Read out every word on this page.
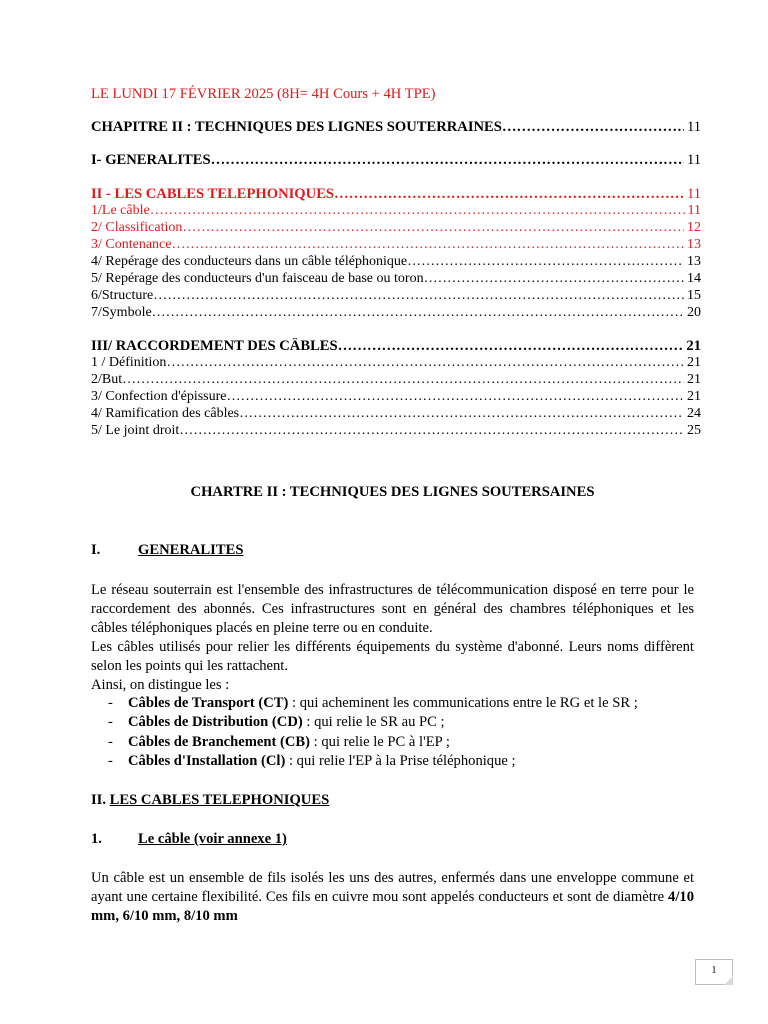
LE LUNDI 17 FÉVRIER 2025 (8H= 4H Cours + 4H TPE)
CHAPITRE II : TECHNIQUES DES LIGNES SOUTERRAINES ……………………………………………………………………………………………………………………………………………………………………………………	11
I- GENERALITES ……………………………………………………………………………………………………………………………………………………………………………………	11
II - LES CABLES TELEPHONIQUES ……………………………………………………………………………………………………………………………………………………………………………………	11
1/Le câble ……………………………………………………………………………………………………………………………………………………………………………………	11
2/ Classification ……………………………………………………………………………………………………………………………………………………………………………………	12
3/ Contenance ……………………………………………………………………………………………………………………………………………………………………………………	13
4/ Repérage des conducteurs dans un câble téléphonique ……………………………………………………………………………………………………………………………………………………………………………………	13
5/ Repérage des conducteurs d'un faisceau de base ou toron ……………………………………………………………………………………………………………………………………………………………………………………	14
6/Structure ……………………………………………………………………………………………………………………………………………………………………………………	15
7/Symbole ……………………………………………………………………………………………………………………………………………………………………………………	20
III/ RACCORDEMENT DES CÂBLES ……………………………………………………………………………………………………………………………………………………………………………………	21
1 / Définition ……………………………………………………………………………………………………………………………………………………………………………………	21
2/But ……………………………………………………………………………………………………………………………………………………………………………………	21
3/ Confection d'épissure ……………………………………………………………………………………………………………………………………………………………………………………	21
4/ Ramification des câbles ……………………………………………………………………………………………………………………………………………………………………………………	24
5/ Le joint droit ……………………………………………………………………………………………………………………………………………………………………………………	25
CHARTRE II : TECHNIQUES DES LIGNES SOUTERSAINES
I.	GENERALITES
Le réseau souterrain est l'ensemble des infrastructures de télécommunication disposé en terre pour le raccordement des abonnés. Ces infrastructures sont en général des chambres téléphoniques et les câbles téléphoniques placés en pleine terre ou en conduite.
Les câbles utilisés pour relier les différents équipements du système d'abonné. Leurs noms diffèrent selon les points qui les rattachent.
Ainsi, on distingue les :
- Câbles de Transport (CT) : qui acheminent les communications entre le RG et le SR ;
- Câbles de Distribution (CD) : qui relie le SR au PC ;
- Câbles de Branchement (CB) : qui relie le PC à l'EP ;
- Câbles d'Installation (Cl) : qui relie l'EP à la Prise téléphonique ;
II. LES CABLES TELEPHONIQUES
1. Le câble (voir annexe 1)
Un câble est un ensemble de fils isolés les uns des autres, enfermés dans une enveloppe commune et ayant une certaine flexibilité. Ces fils en cuivre mou sont appelés conducteurs et sont de diamètre 4/10 mm, 6/10 mm, 8/10 mm
1
